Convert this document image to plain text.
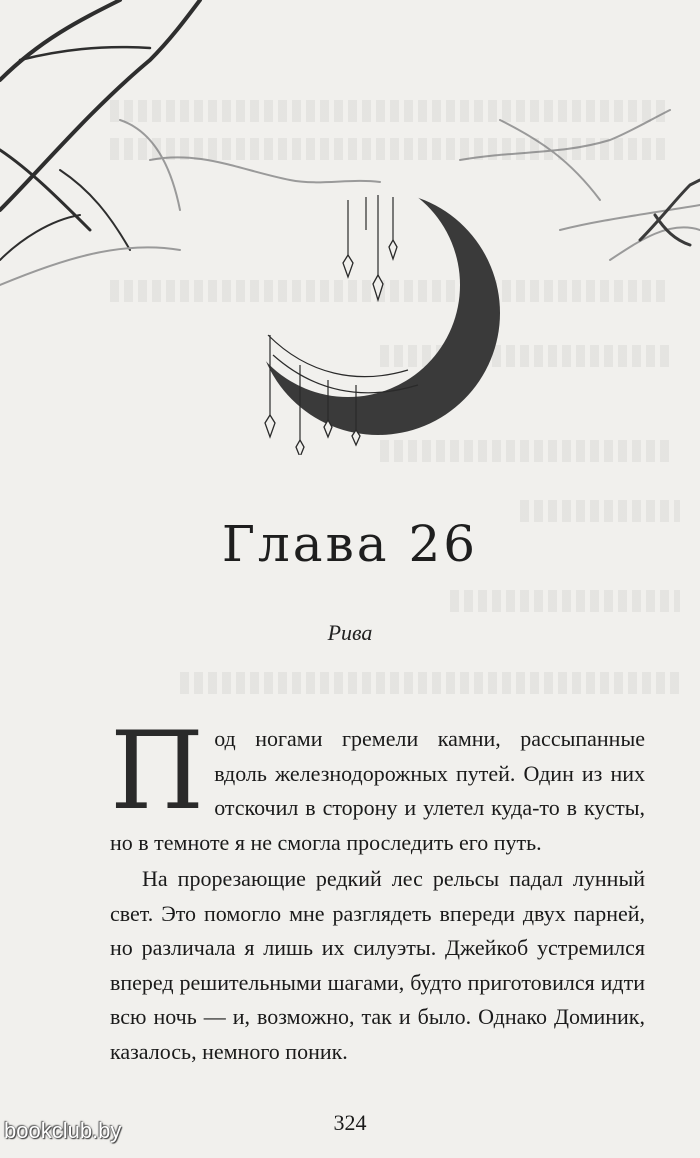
Глава 26
Рива

Под ногами гремели камни, рассыпанные вдоль железнодорожных путей. Один из них отскочил в сторону и улетел куда-то в кусты, но в темноте я не смогла проследить его путь.

На прорезающие редкий лес рельсы падал лунный свет. Это помогло мне разглядеть впереди двух парней, но различала я лишь их силуэты. Джейкоб устремился вперед решительными шагами, будто приготовился идти всю ночь — и, возможно, так и было. Однако Доминик, казалось, немного поник.

324
bookclub.by
